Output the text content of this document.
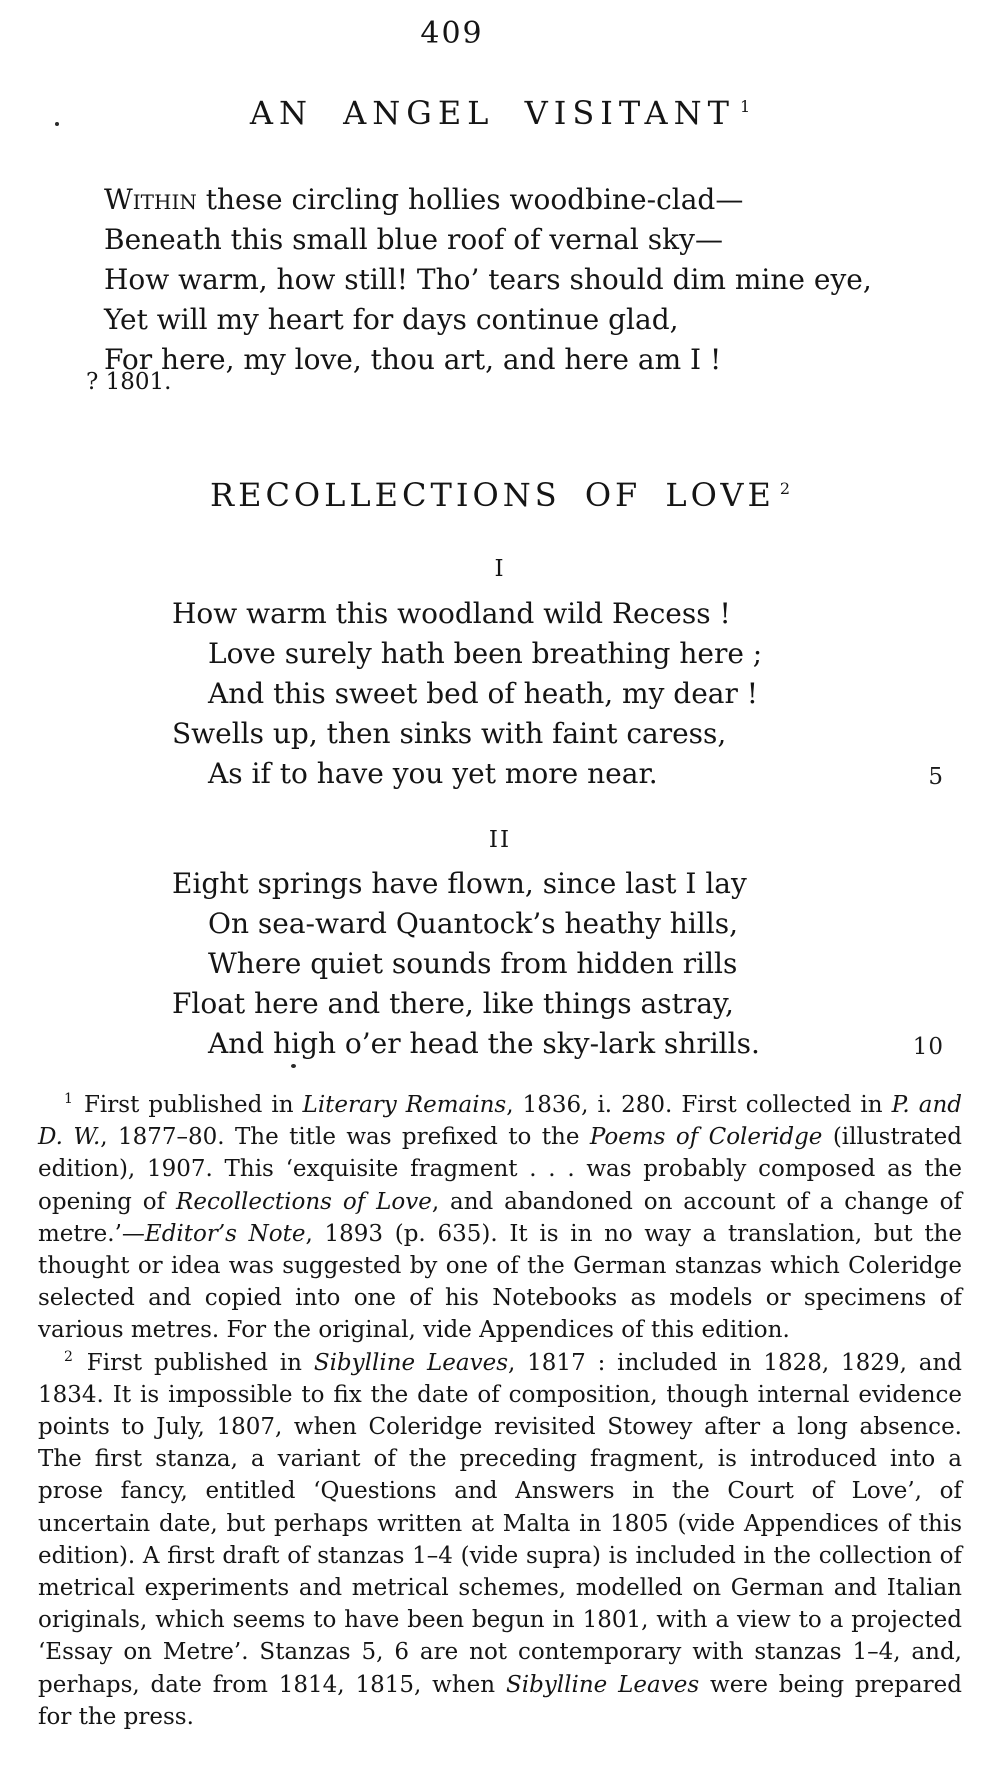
409
AN ANGEL VISITANT $^1$
Within these circling hollies woodbine-clad—
Beneath this small blue roof of vernal sky—
How warm, how still! Tho’ tears should dim mine eye,
Yet will my heart for days continue glad,
For here, my love, thou art, and here am I !
? 1801.
RECOLLECTIONS OF LOVE $^2$
I
How warm this woodland wild Recess !
Love surely hath been breathing here ;
And this sweet bed of heath, my dear !
Swells up, then sinks with faint caress,
As if to have you yet more near.	5
II
Eight springs have flown, since last I lay
On sea-ward Quantock’s heathy hills,
Where quiet sounds from hidden rills
Float here and there, like things astray,
And high o’er head the sky-lark shrills.	10

$^1$ First published in Literary Remains, 1836, i. 280. First collected in P. and D. W., 1877–80. The title was prefixed to the Poems of Coleridge (illustrated edition), 1907. This ‘exquisite fragment . . . was probably composed as the opening of Recollections of Love, and abandoned on account of a change of metre.’—Editor’s Note, 1893 (p. 635). It is in no way a translation, but the thought or idea was suggested by one of the German stanzas which Coleridge selected and copied into one of his Notebooks as models or specimens of various metres. For the original, vide Appendices of this edition.

$^2$ First published in Sibylline Leaves, 1817 : included in 1828, 1829, and 1834. It is impossible to fix the date of composition, though internal evidence points to July, 1807, when Coleridge revisited Stowey after a long absence. The first stanza, a variant of the preceding fragment, is introduced into a prose fancy, entitled ‘Questions and Answers in the Court of Love’, of uncertain date, but perhaps written at Malta in 1805 (vide Appendices of this edition). A first draft of stanzas 1–4 (vide supra) is included in the collection of metrical experiments and metrical schemes, modelled on German and Italian originals, which seems to have been begun in 1801, with a view to a projected ‘Essay on Metre’. Stanzas 5, 6 are not contemporary with stanzas 1–4, and, perhaps, date from 1814, 1815, when Sibylline Leaves were being prepared for the press.
